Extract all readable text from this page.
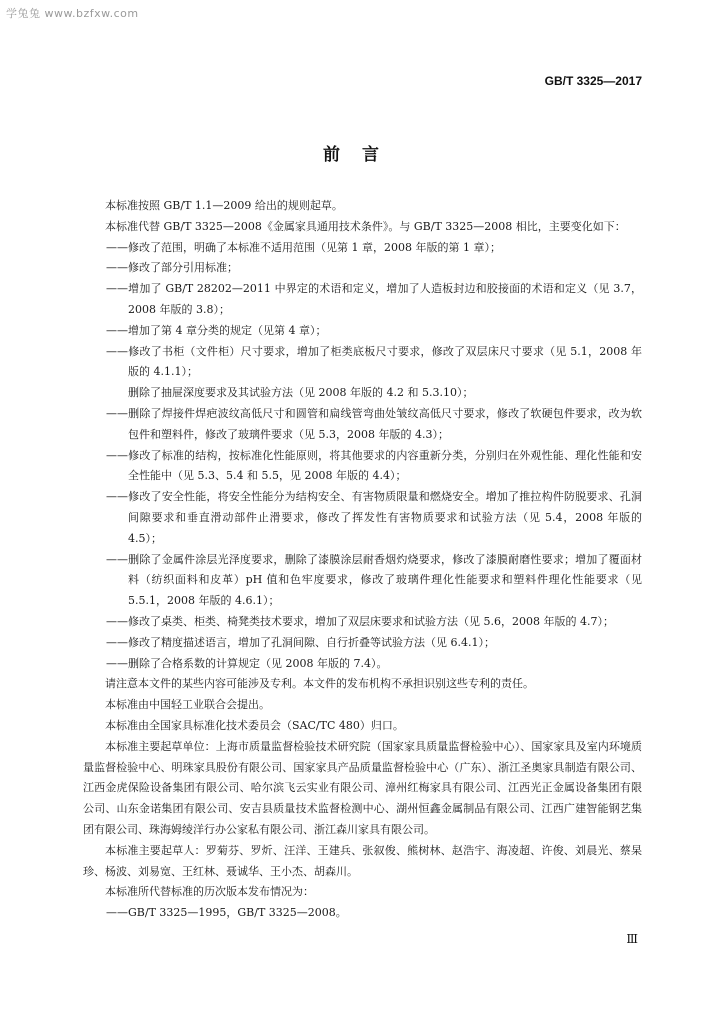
学兔兔 www.bzfxw.com
GB/T 3325—2017
前言

本标准按照 GB/T 1.1—2009 给出的规则起草。

本标准代替 GB/T 3325—2008《金属家具通用技术条件》。与 GB/T 3325—2008 相比，主要变化如下：

——修改了范围，明确了本标准不适用范围（见第 1 章，2008 年版的第 1 章）；

——修改了部分引用标准；

——增加了 GB/T 28202—2011 中界定的术语和定义，增加了人造板封边和胶接面的术语和定义（见 3.7，2008 年版的 3.8）；

——增加了第 4 章分类的规定（见第 4 章）；

——修改了书柜（文件柜）尺寸要求，增加了柜类底板尺寸要求，修改了双层床尺寸要求（见 5.1，2008 年版的 4.1.1）；

删除了抽屉深度要求及其试验方法（见 2008 年版的 4.2 和 5.3.10）；

——删除了焊接件焊疤波纹高低尺寸和圆管和扁线管弯曲处皱纹高低尺寸要求，修改了软硬包件要求，改为软包件和塑料件，修改了玻璃件要求（见 5.3，2008 年版的 4.3）；

——修改了标准的结构，按标准化性能原则，将其他要求的内容重新分类，分别归在外观性能、理化性能和安全性能中（见 5.3、5.4 和 5.5，见 2008 年版的 4.4）；

——修改了安全性能，将安全性能分为结构安全、有害物质限量和燃烧安全。增加了推拉构件防脱要求、孔洞间隙要求和垂直滑动部件止滑要求，修改了挥发性有害物质要求和试验方法（见 5.4，2008 年版的 4.5）；

——删除了金属件涂层光泽度要求，删除了漆膜涂层耐香烟灼烧要求，修改了漆膜耐磨性要求；增加了覆面材料（纺织面料和皮革）pH 值和色牢度要求，修改了玻璃件理化性能要求和塑料件理化性能要求（见 5.5.1，2008 年版的 4.6.1）；

——修改了桌类、柜类、椅凳类技术要求，增加了双层床要求和试验方法（见 5.6，2008 年版的 4.7）；

——修改了精度描述语言，增加了孔洞间隙、自行折叠等试验方法（见 6.4.1）；

——删除了合格系数的计算规定（见 2008 年版的 7.4）。

请注意本文件的某些内容可能涉及专利。本文件的发布机构不承担识别这些专利的责任。

本标准由中国轻工业联合会提出。

本标准由全国家具标准化技术委员会（SAC/TC 480）归口。

本标准主要起草单位：上海市质量监督检验技术研究院（国家家具质量监督检验中心）、国家家具及室内环境质量监督检验中心、明珠家具股份有限公司、国家家具产品质量监督检验中心（广东）、浙江圣奥家具制造有限公司、江西金虎保险设备集团有限公司、哈尔滨飞云实业有限公司、漳州红梅家具有限公司、江西光正金属设备集团有限公司、山东金诺集团有限公司、安吉县质量技术监督检测中心、湖州恒鑫金属制品有限公司、江西广建智能钢艺集团有限公司、珠海姆绫洋行办公家私有限公司、浙江森川家具有限公司。

本标准主要起草人：罗菊芬、罗炘、汪洋、王建兵、张叙俊、熊树林、赵浩宇、海凌超、许俊、刘晨光、蔡杲珍、杨波、刘易宽、王红林、聂诚华、王小杰、胡森川。

本标准所代替标准的历次版本发布情况为：

——GB/T 3325—1995，GB/T 3325—2008。

Ⅲ
